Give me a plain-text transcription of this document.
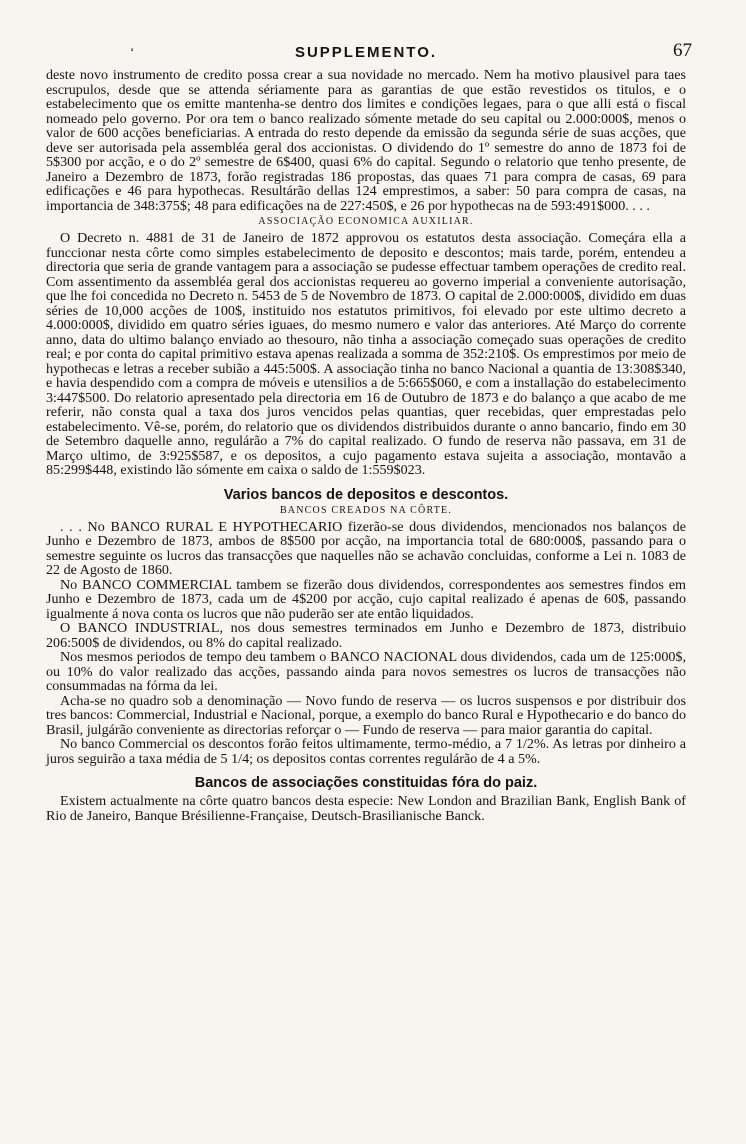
‘	SUPPLEMENTO.	67

deste novo instrumento de credito possa crear a sua novidade no mercado. Nem ha motivo plausivel para taes escrupulos, desde que se attenda sériamente para as garantias de que estão revestidos os titulos, e o estabelecimento que os emitte mantenha-se dentro dos limites e condições legaes, para o que alli está o fiscal nomeado pelo governo. Por ora tem o banco realizado sómente metade do seu capital ou 2.000:000$, menos o valor de 600 acções beneficiarias. A entrada do resto depende da emissão da segunda série de suas acções, que deve ser autorisada pela assembléa geral dos accionistas. O dividendo do 1º semestre do anno de 1873 foi de 5$300 por acção, e o do 2º semestre de 6$400, quasi 6% do capital. Segundo o relatorio que tenho presente, de Janeiro a Dezembro de 1873, forão registradas 186 propostas, das quaes 71 para compra de casas, 69 para edificações e 46 para hypothecas. Resultárão dellas 124 emprestimos, a saber: 50 para compra de casas, na importancia de 348:375$; 48 para edificações na de 227:450$, e 26 por hypothecas na de 593:491$000. . . .

ASSOCIAÇÃO ECONOMICA AUXILIAR.

O Decreto n. 4881 de 31 de Janeiro de 1872 approvou os estatutos desta associação. Começára ella a funccionar nesta côrte como simples estabelecimento de deposito e descontos; mais tarde, porém, entendeu a directoria que seria de grande vantagem para a associação se pudesse effectuar tambem operações de credito real. Com assentimento da assembléa geral dos accionistas requereu ao governo imperial a conveniente autorisação, que lhe foi concedida no Decreto n. 5453 de 5 de Novembro de 1873. O capital de 2.000:000$, dividido em duas séries de 10,000 acções de 100$, instituido nos estatutos primitivos, foi elevado por este ultimo decreto a 4.000:000$, dividido em quatro séries iguaes, do mesmo numero e valor das anteriores. Até Março do corrente anno, data do ultimo balanço enviado ao thesouro, não tinha a associação começado suas operações de credito real; e por conta do capital primitivo estava apenas realizada a somma de 352:210$. Os emprestimos por meio de hypothecas e letras a receber subião a 445:500$. A associação tinha no banco Nacional a quantia de 13:308$340, e havia despendido com a compra de móveis e utensilios a de 5:665$060, e com a installação do estabelecimento 3:447$500. Do relatorio apresentado pela directoria em 16 de Outubro de 1873 e do balanço a que acabo de me referir, não consta qual a taxa dos juros vencidos pelas quantias, quer recebidas, quer emprestadas pelo estabelecimento. Vê-se, porém, do relatorio que os dividendos distribuidos durante o anno bancario, findo em 30 de Setembro daquelle anno, regulárão a 7% do capital realizado. O fundo de reserva não passava, em 31 de Março ultimo, de 3:925$587, e os depositos, a cujo pagamento estava sujeita a associação, montavão a 85:299$448, existindo lão sómente em caixa o saldo de 1:559$023.

Varios bancos de depositos e descontos.
BANCOS CREADOS NA CÔRTE.

. . . No BANCO RURAL E HYPOTHECARIO fizerão-se dous dividendos, mencionados nos balanços de Junho e Dezembro de 1873, ambos de 8$500 por acção, na importancia total de 680:000$, passando para o semestre seguinte os lucros das transacções que naquelles não se achavão concluidas, conforme a Lei n. 1083 de 22 de Agosto de 1860.

No BANCO COMMERCIAL tambem se fizerão dous dividendos, correspondentes aos semestres findos em Junho e Dezembro de 1873, cada um de 4$200 por acção, cujo capital realizado é apenas de 60$, passando igualmente á nova conta os lucros que não puderão ser ate então liquidados.

O BANCO INDUSTRIAL, nos dous semestres terminados em Junho e Dezembro de 1873, distribuio 206:500$ de dividendos, ou 8% do capital realizado.

Nos mesmos periodos de tempo deu tambem o BANCO NACIONAL dous dividendos, cada um de 125:000$, ou 10% do valor realizado das acções, passando ainda para novos semestres os lucros de transacções não consummadas na fórma da lei.

Acha-se no quadro sob a denominação — Novo fundo de reserva — os lucros suspensos e por distribuir dos tres bancos: Commercial, Industrial e Nacional, porque, a exemplo do banco Rural e Hypothecario e do banco do Brasil, julgárão conveniente as directorias reforçar o — Fundo de reserva — para maior garantia do capital.

No banco Commercial os descontos forão feitos ultimamente, termo-médio, a 7 1/2%. As letras por dinheiro a juros seguirão a taxa média de 5 1/4; os depositos contas correntes regulárão de 4 a 5%.

Bancos de associações constituidas fóra do paiz.

Existem actualmente na côrte quatro bancos desta especie: New London and Brazilian Bank, English Bank of Rio de Janeiro, Banque Brésilienne-Française, Deutsch-Brasilianische Banck.
